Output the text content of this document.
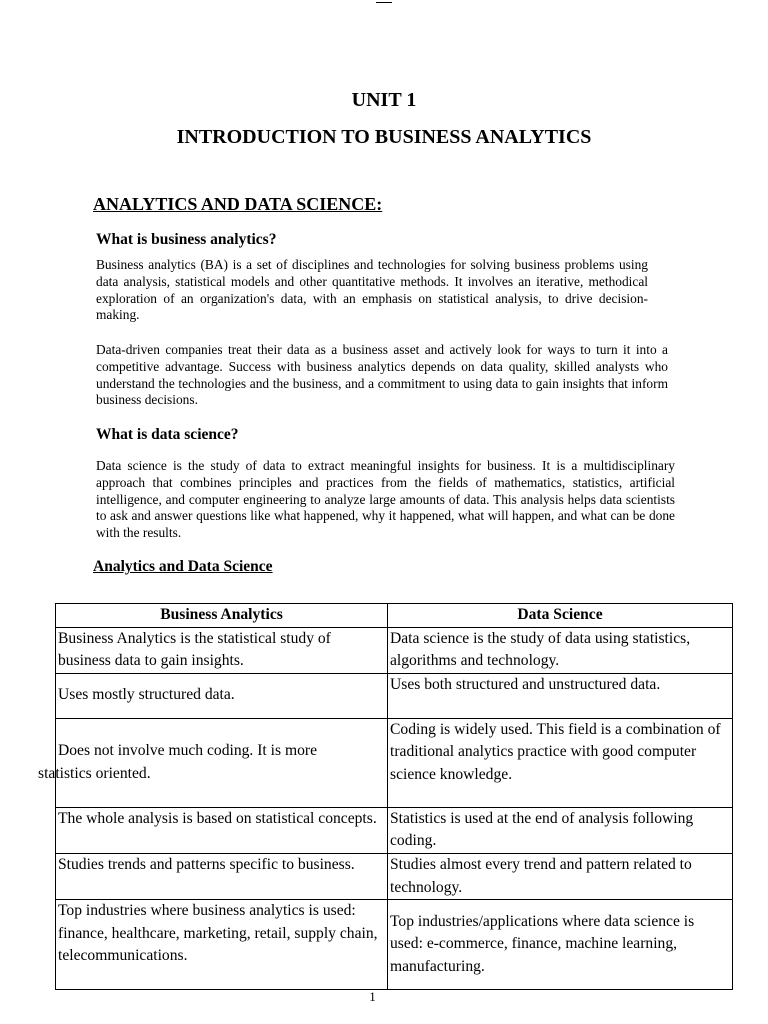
UNIT 1
INTRODUCTION TO BUSINESS ANALYTICS
ANALYTICS AND DATA SCIENCE:
What is business analytics?

Business analytics (BA) is a set of disciplines and technologies for solving business problems using data analysis, statistical models and other quantitative methods. It involves an iterative, methodical exploration of an organization's data, with an emphasis on statistical analysis, to drive decision-making.

Data-driven companies treat their data as a business asset and actively look for ways to turn it into a competitive advantage. Success with business analytics depends on data quality, skilled analysts who understand the technologies and the business, and a commitment to using data to gain insights that inform business decisions.

What is data science?

Data science is the study of data to extract meaningful insights for business. It is a multidisciplinary approach that combines principles and practices from the fields of mathematics, statistics, artificial intelligence, and computer engineering to analyze large amounts of data. This analysis helps data scientists to ask and answer questions like what happened, why it happened, what will happen, and what can be done with the results.

Analytics and Data Science
Business Analytics	Data Science
Business Analytics is the statistical study of business data to gain insights.	Data science is the study of data using statistics, algorithms and technology.
Uses mostly structured data.	Uses both structured and unstructured data.

Does not involve much coding. It is more
statistics oriented.	Coding is widely used. This field is a combination of traditional analytics practice with good computer science knowledge.
The whole analysis is based on statistical concepts.	Statistics is used at the end of analysis following coding.
Studies trends and patterns specific to business.	Studies almost every trend and pattern related to technology.
Top industries where business analytics is used: finance, healthcare, marketing, retail, supply chain, telecommunications.	Top industries/applications where data science is used: e-commerce, finance, machine learning, manufacturing.
1
